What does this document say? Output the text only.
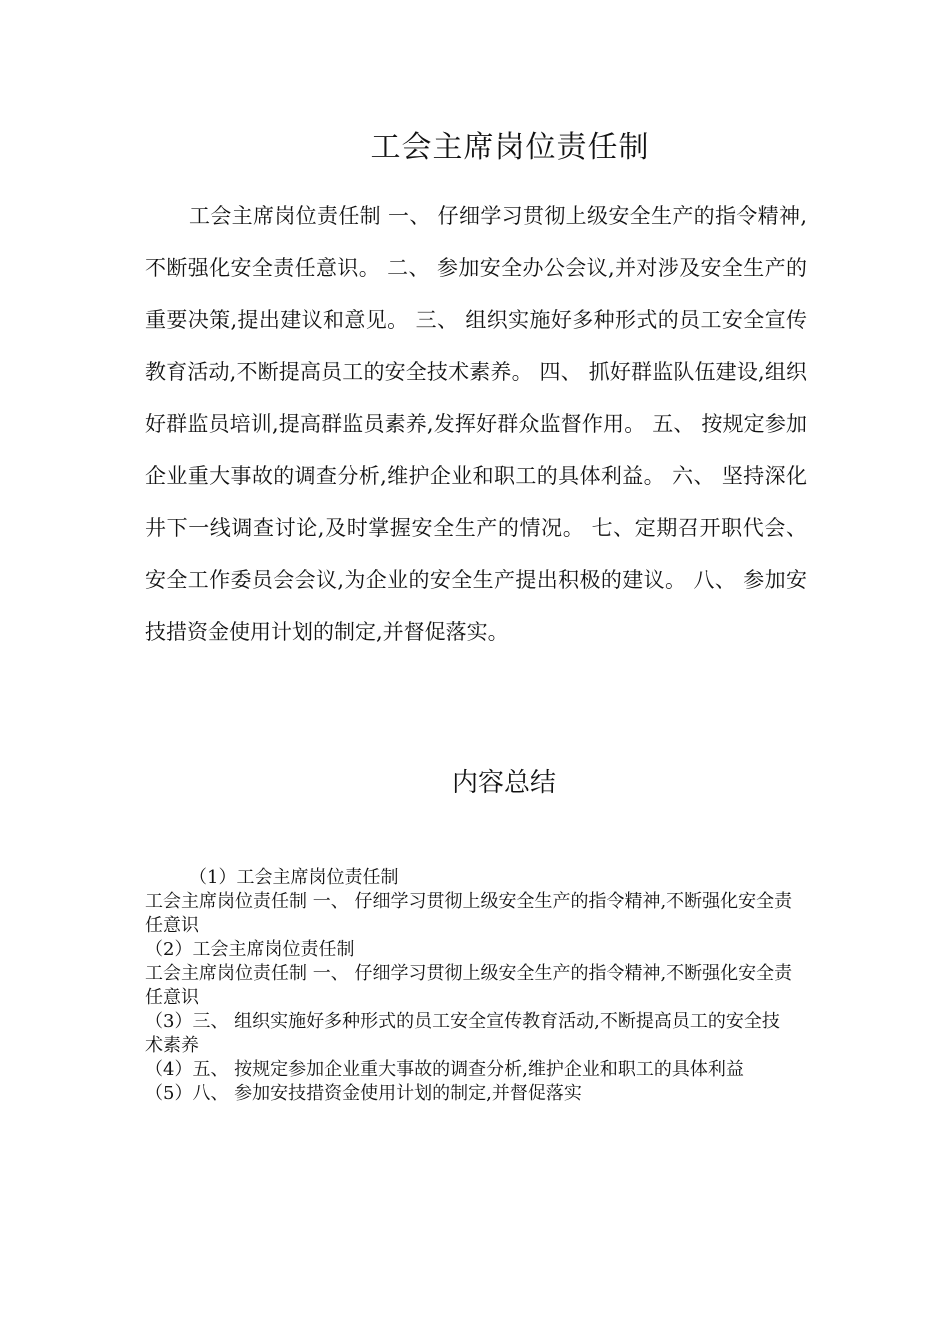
工会主席岗位责任制

工会主席岗位责任制 一、 仔细学习贯彻上级安全生产的指令精神,不断强化安全责任意识。 二、 参加安全办公会议,并对涉及安全生产的重要决策,提出建议和意见。 三、 组织实施好多种形式的员工安全宣传教育活动,不断提高员工的安全技术素养。 四、 抓好群监队伍建设,组织好群监员培训,提高群监员素养,发挥好群众监督作用。 五、 按规定参加企业重大事故的调查分析,维护企业和职工的具体利益。 六、 坚持深化井下一线调查讨论,及时掌握安全生产的情况。 七、定期召开职代会、安全工作委员会会议,为企业的安全生产提出积极的建议。 八、 参加安技措资金使用计划的制定,并督促落实。

内容总结
（1）工会主席岗位责任制
工会主席岗位责任制 一、 仔细学习贯彻上级安全生产的指令精神,不断强化安全责任意识
（2）工会主席岗位责任制
工会主席岗位责任制 一、 仔细学习贯彻上级安全生产的指令精神,不断强化安全责任意识
（3）三、 组织实施好多种形式的员工安全宣传教育活动,不断提高员工的安全技术素养
（4）五、 按规定参加企业重大事故的调查分析,维护企业和职工的具体利益
（5）八、 参加安技措资金使用计划的制定,并督促落实
